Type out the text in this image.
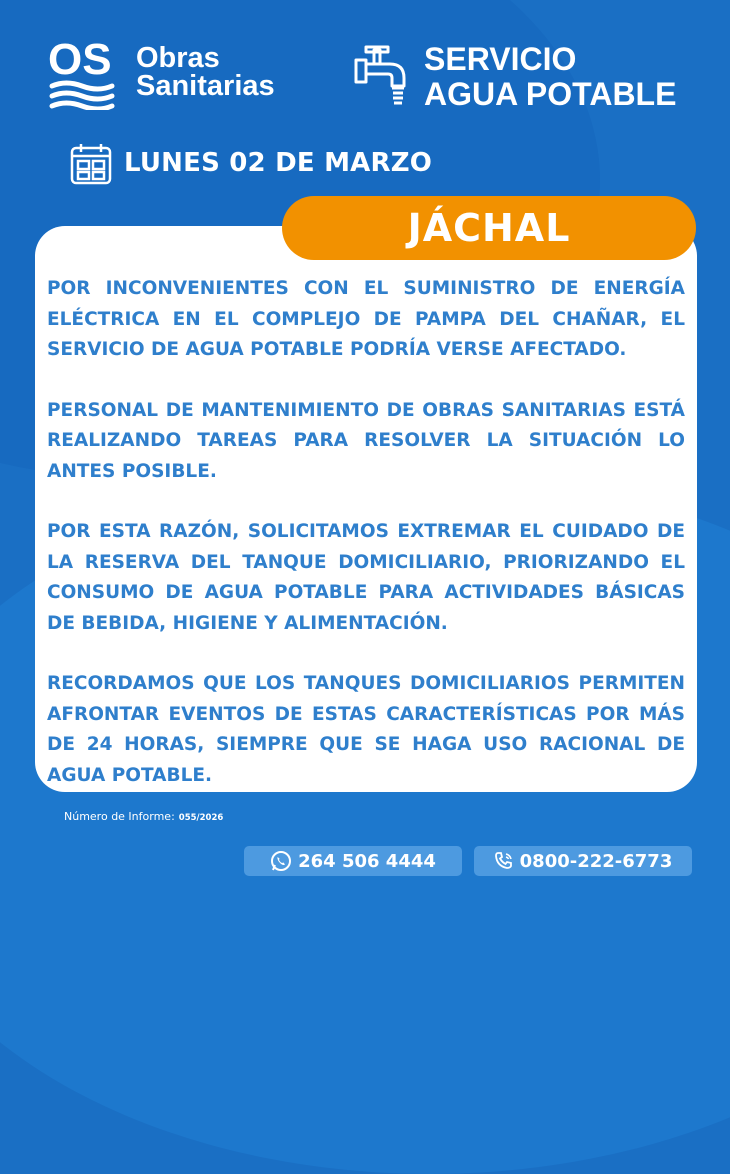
OS Obras
Sanitarias
SERVICIO
AGUA POTABLE
LUNES 02 DE MARZO
JÁCHAL

POR INCONVENIENTES CON EL SUMINISTRO DE ENERGÍA ELÉCTRICA EN EL COMPLEJO DE PAMPA DEL CHAÑAR, EL SERVICIO DE AGUA POTABLE PODRÍA VERSE AFECTADO.

PERSONAL DE MANTENIMIENTO DE OBRAS SANITARIAS ESTÁ REALIZANDO TAREAS PARA RESOLVER LA SITUACIÓN LO ANTES POSIBLE.

POR ESTA RAZÓN, SOLICITAMOS EXTREMAR EL CUIDADO DE LA RESERVA DEL TANQUE DOMICILIARIO, PRIORIZANDO EL CONSUMO DE AGUA POTABLE PARA ACTIVIDADES BÁSICAS DE BEBIDA, HIGIENE Y ALIMENTACIÓN.

RECORDAMOS QUE LOS TANQUES DOMICILIARIOS PERMITEN AFRONTAR EVENTOS DE ESTAS CARACTERÍSTICAS POR MÁS DE 24 HORAS, SIEMPRE QUE SE HAGA USO RACIONAL DE AGUA POTABLE.

Número de Informe: 055/2026
264 506 4444	0800-222-6773
